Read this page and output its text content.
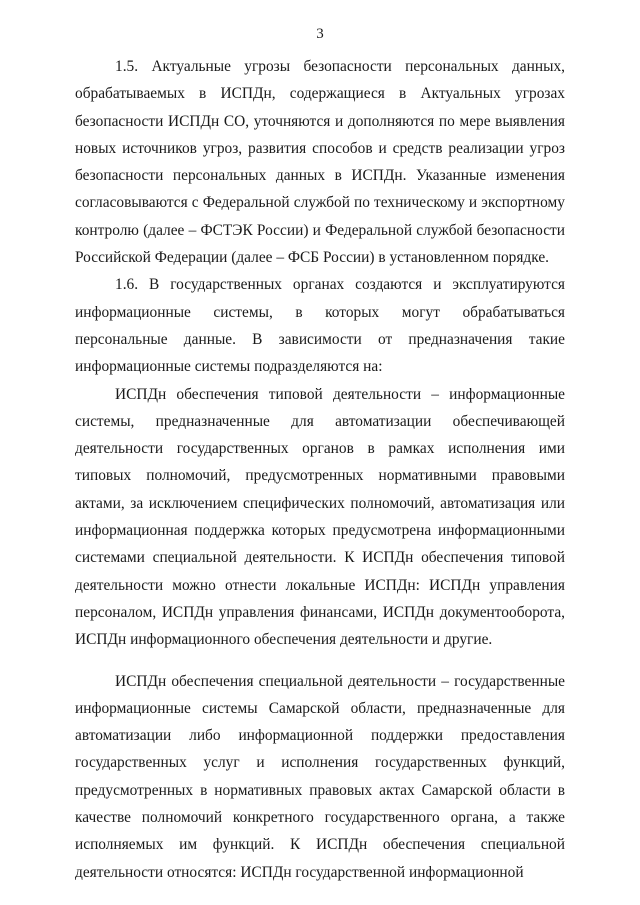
3

1.5. Актуальные угрозы безопасности персональных данных, обрабатываемых в ИСПДн, содержащиеся в Актуальных угрозах безопасности ИСПДн СО, уточняются и дополняются по мере выявления новых источников угроз, развития способов и средств реализации угроз безопасности персональных данных в ИСПДн. Указанные изменения согласовываются с Федеральной службой по техническому и экспортному контролю (далее – ФСТЭК России) и Федеральной службой безопасности Российской Федерации (далее – ФСБ России) в установленном порядке.

1.6. В государственных органах создаются и эксплуатируются информационные системы, в которых могут обрабатываться персональные данные. В зависимости от предназначения такие информационные системы подразделяются на:

ИСПДн обеспечения типовой деятельности – информационные системы, предназначенные для автоматизации обеспечивающей деятельности государственных органов в рамках исполнения ими типовых полномочий, предусмотренных нормативными правовыми актами, за исключением специфических полномочий, автоматизация или информационная поддержка которых предусмотрена информационными системами специальной деятельности. К ИСПДн обеспечения типовой деятельности можно отнести локальные ИСПДн: ИСПДн управления персоналом, ИСПДн управления финансами, ИСПДн документооборота, ИСПДн информационного обеспечения деятельности и другие.

ИСПДн обеспечения специальной деятельности – государственные информационные системы Самарской области, предназначенные для автоматизации либо информационной поддержки предоставления государственных услуг и исполнения государственных функций, предусмотренных в нормативных правовых актах Самарской области в качестве полномочий конкретного государственного органа, а также исполняемых им функций. К ИСПДн обеспечения специальной деятельности относятся: ИСПДн государственной информационной
